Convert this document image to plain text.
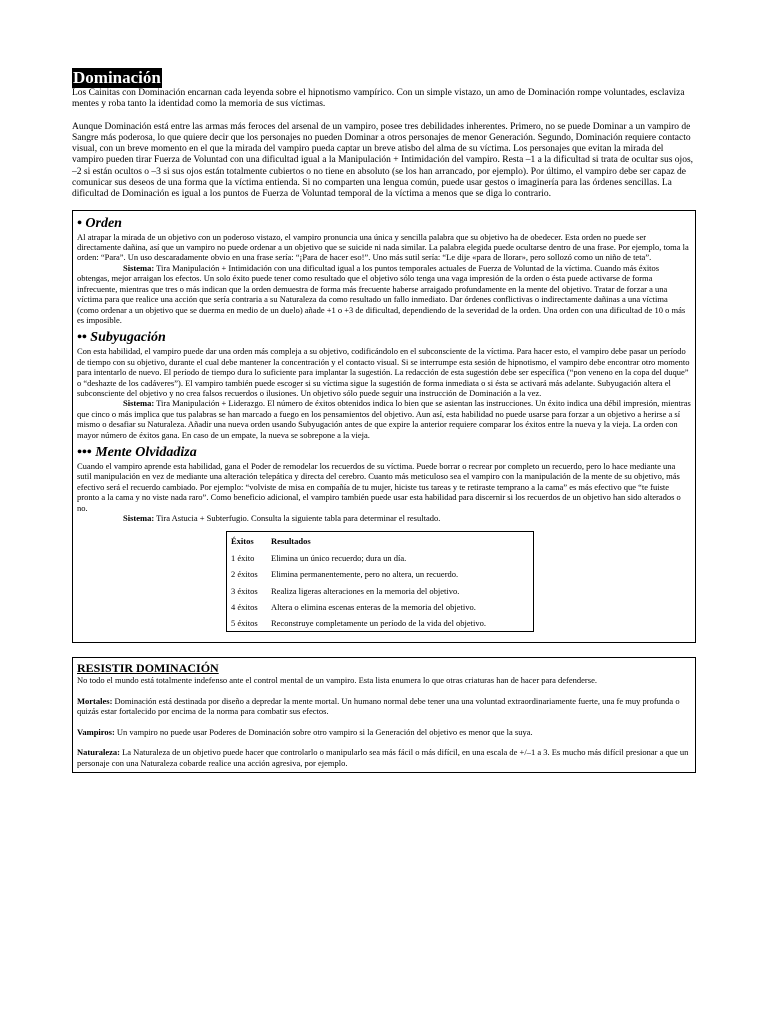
Dominación

Los Cainitas con Dominación encarnan cada leyenda sobre el hipnotismo vampírico. Con un simple vistazo, un amo de Dominación rompe voluntades, esclaviza mentes y roba tanto la identidad como la memoria de sus víctimas.

Aunque Dominación está entre las armas más feroces del arsenal de un vampiro, posee tres debilidades inherentes. Primero, no se puede Dominar a un vampiro de Sangre más poderosa, lo que quiere decir que los personajes no pueden Dominar a otros personajes de menor Generación. Segundo, Dominación requiere contacto visual, con un breve momento en el que la mirada del vampiro pueda captar un breve atisbo del alma de su víctima. Los personajes que evitan la mirada del vampiro pueden tirar Fuerza de Voluntad con una dificultad igual a la Manipulación + Intimidación del vampiro. Resta –1 a la dificultad si trata de ocultar sus ojos, –2 si están ocultos o –3 si sus ojos están totalmente cubiertos o no tiene en absoluto (se los han arrancado, por ejemplo). Por último, el vampiro debe ser capaz de comunicar sus deseos de una forma que la víctima entienda. Si no comparten una lengua común, puede usar gestos o imaginería para las órdenes sencillas. La dificultad de Dominación es igual a los puntos de Fuerza de Voluntad temporal de la víctima a menos que se diga lo contrario.

• Orden

Al atrapar la mirada de un objetivo con un poderoso vistazo, el vampiro pronuncia una única y sencilla palabra que su objetivo ha de obedecer. Esta orden no puede ser directamente dañina, así que un vampiro no puede ordenar a un objetivo que se suicide ni nada similar. La palabra elegida puede ocultarse dentro de una frase. Por ejemplo, toma la orden: “Para”. Un uso descaradamente obvio en una frase sería: “¡Para de hacer eso!”. Uno más sutil sería: “Le dije «para de llorar», pero sollozó como un niño de teta”.

Sistema: Tira Manipulación + Intimidación con una dificultad igual a los puntos temporales actuales de Fuerza de Voluntad de la víctima. Cuando más éxitos obtengas, mejor arraigan los efectos. Un solo éxito puede tener como resultado que el objetivo sólo tenga una vaga impresión de la orden o ésta puede activarse de forma infrecuente, mientras que tres o más indican que la orden demuestra de forma más frecuente haberse arraigado profundamente en la mente del objetivo. Tratar de forzar a una víctima para que realice una acción que sería contraria a su Naturaleza da como resultado un fallo inmediato. Dar órdenes conflictivas o indirectamente dañinas a una víctima (como ordenar a un objetivo que se duerma en medio de un duelo) añade +1 o +3 de dificultad, dependiendo de la severidad de la orden. Una orden con una dificultad de 10 o más es imposible.

•• Subyugación

Con esta habilidad, el vampiro puede dar una orden más compleja a su objetivo, codificándolo en el subconsciente de la víctima. Para hacer esto, el vampiro debe pasar un período de tiempo con su objetivo, durante el cual debe mantener la concentración y el contacto visual. Si se interrumpe esta sesión de hipnotismo, el vampiro debe encontrar otro momento para intentarlo de nuevo. El período de tiempo dura lo suficiente para implantar la sugestión. La redacción de esta sugestión debe ser específica (“pon veneno en la copa del duque” o “deshazte de los cadáveres”). El vampiro también puede escoger si su víctima sigue la sugestión de forma inmediata o si ésta se activará más adelante. Subyugación altera el subconsciente del objetivo y no crea falsos recuerdos o ilusiones. Un objetivo sólo puede seguir una instrucción de Dominación a la vez.

Sistema: Tira Manipulación + Liderazgo. El número de éxitos obtenidos indica lo bien que se asientan las instrucciones. Un éxito indica una débil impresión, mientras que cinco o más implica que tus palabras se han marcado a fuego en los pensamientos del objetivo. Aun así, esta habilidad no puede usarse para forzar a un objetivo a herirse a sí mismo o desafiar su Naturaleza. Añadir una nueva orden usando Subyugación antes de que expire la anterior requiere comparar los éxitos entre la nueva y la vieja. La orden con mayor número de éxitos gana. En caso de un empate, la nueva se sobrepone a la vieja.

••• Mente Olvidadiza

Cuando el vampiro aprende esta habilidad, gana el Poder de remodelar los recuerdos de su víctima. Puede borrar o recrear por completo un recuerdo, pero lo hace mediante una sutil manipulación en vez de mediante una alteración telepática y directa del cerebro. Cuanto más meticuloso sea el vampiro con la manipulación de la mente de su objetivo, más efectivo será el recuerdo cambiado. Por ejemplo: “volviste de misa en compañía de tu mujer, hiciste tus tareas y te retiraste temprano a la cama” es más efectivo que “te fuiste pronto a la cama y no viste nada raro”. Como beneficio adicional, el vampiro también puede usar esta habilidad para discernir si los recuerdos de un objetivo han sido alterados o no.

Sistema: Tira Astucia + Subterfugio. Consulta la siguiente tabla para determinar el resultado.

Éxitos	Resultados
1 éxito	Elimina un único recuerdo; dura un día.
2 éxitos	Elimina permanentemente, pero no altera, un recuerdo.
3 éxitos	Realiza ligeras alteraciones en la memoria del objetivo.
4 éxitos	Altera o elimina escenas enteras de la memoria del objetivo.
5 éxitos	Reconstruye completamente un período de la vida del objetivo.
RESISTIR DOMINACIÓN

No todo el mundo está totalmente indefenso ante el control mental de un vampiro. Esta lista enumera lo que otras criaturas han de hacer para defenderse.

Mortales: Dominación está destinada por diseño a depredar la mente mortal. Un humano normal debe tener una una voluntad extraordinariamente fuerte, una fe muy profunda o quizás estar fortalecido por encima de la norma para combatir sus efectos.

Vampiros: Un vampiro no puede usar Poderes de Dominación sobre otro vampiro si la Generación del objetivo es menor que la suya.

Naturaleza: La Naturaleza de un objetivo puede hacer que controlarlo o manipularlo sea más fácil o más difícil, en una escala de +/–1 a 3. Es mucho más difícil presionar a que un personaje con una Naturaleza cobarde realice una acción agresiva, por ejemplo.
